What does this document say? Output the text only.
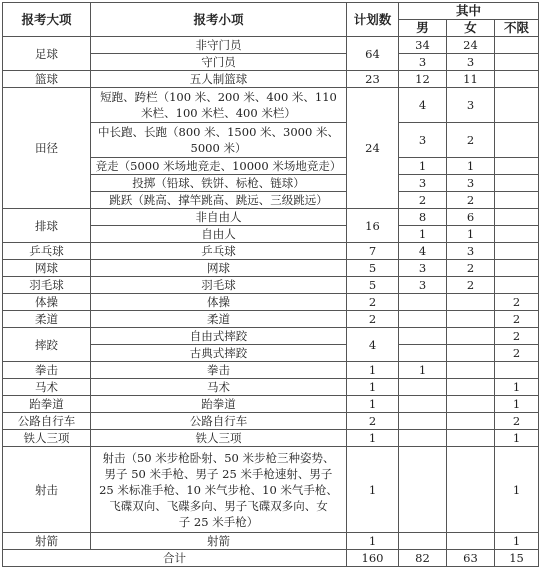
报考大项	报考小项	计划数	其中		
			男	女	不限
足球	非守门员	64	34	24	
	守门员		3	3	
篮球	五人制篮球	23	12	11	
田径	短跑、跨栏（100 米、200 米、400 米、110
米栏、100 米栏、400 米栏）	24	4	3	

	中长跑、长跑（800 米、1500 米、3000 米、
5000 米）		3	2	
	竞走（5000 米场地竞走、10000 米场地竞走）		1	1	
	投掷（铅球、铁饼、标枪、链球）		3	3	
	跳跃（跳高、撑竿跳高、跳远、三级跳远）		2	2	
排球	非自由人	16	8	6	
	自由人		1	1	
乒乓球	乒乓球	7	4	3	
网球	网球	5	3	2	
羽毛球	羽毛球	5	3	2	
体操	体操	2			2
柔道	柔道	2			2
摔跤	自由式摔跤	4			2
	古典式摔跤				2
拳击	拳击	1	1		
马术	马术	1			1
跆拳道	跆拳道	1			1
公路自行车	公路自行车	2			2
铁人三项	铁人三项	1			1
射击	射击（50 米步枪卧射、50 米步枪三种姿势、
男子 50 米手枪、男子 25 米手枪速射、男子
25 米标准手枪、10 米气步枪、10 米气手枪、
飞碟双向、飞碟多向、男子飞碟双多向、女
子 25 米手枪）	1			1
射箭	射箭	1			1
合计		160	82	63	15
